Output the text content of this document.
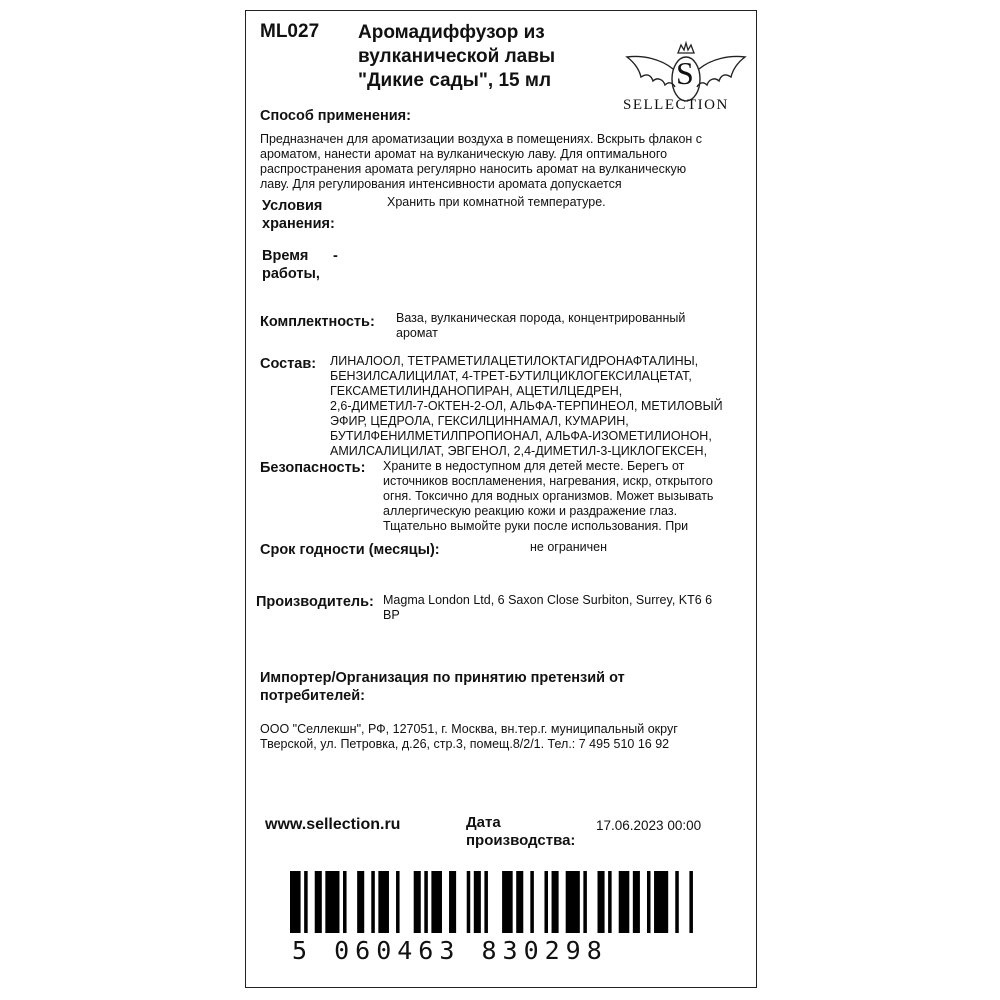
ML027 Аромадиффузор из
вулканической лавы
"Дикие сады", 15 мл	S
SELLECTION
Способ применения:
Предназначен для ароматизации воздуха в помещениях. Вскрыть флакон с
ароматом, нанести аромат на вулканическую лаву. Для оптимального
распространения аромата регулярно наносить аромат на вулканическую
лаву. Для регулирования интенсивности аромата допускается
Условия
хранения:
Хранить при комнатной температуре.
Время
работы,
-
Комплектность: Ваза, вулканическая порода, концентрированный
аромат
Состав: ЛИНАЛООЛ, ТЕТРАМЕТИЛАЦЕТИЛОКТАГИДРОНАФТАЛИНЫ,
БЕНЗИЛСАЛИЦИЛАТ, 4-ТРЕТ-БУТИЛЦИКЛОГЕКСИЛАЦЕТАТ,
ГЕКСАМЕТИЛИНДАНОПИРАН, АЦЕТИЛЦЕДРЕН,
2,6-ДИМЕТИЛ-7-ОКТЕН-2-ОЛ, АЛЬФА-ТЕРПИНЕОЛ, МЕТИЛОВЫЙ
ЭФИР, ЦЕДРОЛА, ГЕКСИЛЦИННАМАЛ, КУМАРИН,
БУТИЛФЕНИЛМЕТИЛПРОПИОНАЛ, АЛЬФА-ИЗОМЕТИЛИОНОН,
АМИЛСАЛИЦИЛАТ, ЭВГЕНОЛ, 2,4-ДИМЕТИЛ-3-ЦИКЛОГЕКСЕН,
Безопасность: Храните в недоступном для детей месте. Берегъ от
источников воспламенения, нагревания, искр, открытого
огня. Токсично для водных организмов. Может вызывать
аллергическую реакцию кожи и раздражение глаз.
Тщательно вымойте руки после использования. При
Срок годности (месяцы):	не ограничен
Производитель: Magma London Ltd, 6 Saxon Close Surbiton, Surrey, KT6 6
BP
Импортер/Организация по принятию претензий от
потребителей:
ООО "Селлекшн", РФ, 127051, г. Москва, вн.тер.г. муниципальный округ
Тверской, ул. Петровка, д.26, стр.3, помещ.8/2/1. Тел.: 7 495 510 16 92
www.sellection.ru	Дата
производства:
17.06.2023 00:00
5 060463 830298
